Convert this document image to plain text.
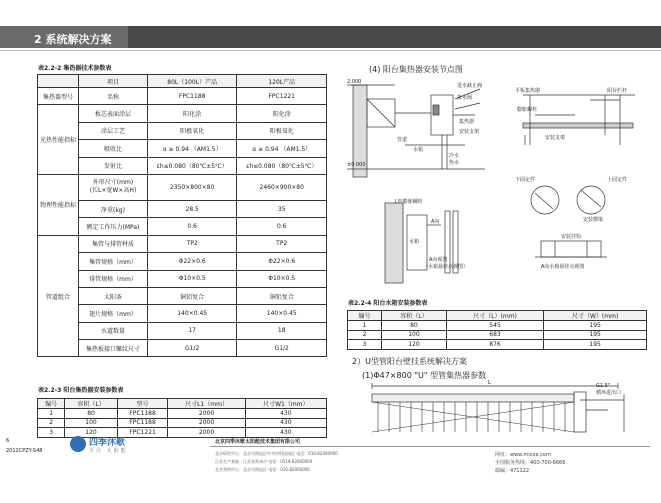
2 系统解决方案
表2.2-2 集热器技术参数表
	项目	80L（100L）产品	120L产品
集热器型号	名称	FPC1188	FPC1221
光热性能指标	板芯表面涂层	阳化涂	阳化涂
	涂层工艺	阳极氧化	阳极氧化
	吸收比	α ≥ 0.94 （AM1.5）	α ≥ 0.94 （AM1.5）
	发射比	εh≤0.080（80℃±5℃）	εh≤0.080（80℃±5℃）
物理性能指标	外形尺寸(mm)
(长L×宽W×高H)	2350×800×80	2460×900×80
	净重(kg)	28.5	35
	额定工作压力(MPa)	0.6	0.6
管道组合	集管与排管材质	TP2	TP2
	集管规格（mm）	Φ22×0.6	Φ22×0.6
	排管规格（mm）	Φ10×0.5	Φ10×0.5
	太阳条	铜铝复合	铜铝复合
	翅片规格（mm）	140×0.45	140×0.45
	水道数量	17	18
	集热板接口螺纹尺寸	G1/2	G1/2
表2.2-3 阳台集热器安装参数表
编号	容积（L）	型号	尺寸L1（mm）	尺寸W1（mm）
1	80	FPC1188	2000	430
2	100	FPC1188	2000	430
3	120	FPC1221	2000	430
(4) 阳台集热器安装节点图
2.000
±0.000
进水截止阀
排水阀
管道
集热器
安装支架
水箱
冷水
热水
平板集热器	阳台栏杆
膨胀螺栓
安装支架
上固定件
下固定件
安装横梁
L形膨胀螺栓
水箱
A向
A向视图
（水箱悬挂点视图）
安装挂钩
A向水箱悬挂点视图
表2.2-4 阳台水箱安装参数表
编号	容积（L）	尺寸（L）(mm)	尺寸（W）(mm)
1	80	545	195
2	100	683	195
3	120	876	195
2）U型管阳台壁挂系统解决方案
(1)Φ47×800 "U" 型管集热器参数
L	G1.5"
循环进出口
6
2012CPZY-S48
四季沐歌
专注 太阳能
北京四季沐歌太阳能技术集团有限公司
北京研发中心：北京市海淀区中关村科技园区 电话：010-62000000
江苏生产基地：江苏省常州市 电话：0519-82000000
北京营销中心：北京市海淀区 电话：010-82000000
网址：www.micoe.com
全国服务热线：400-700-6666
邮编：471122
